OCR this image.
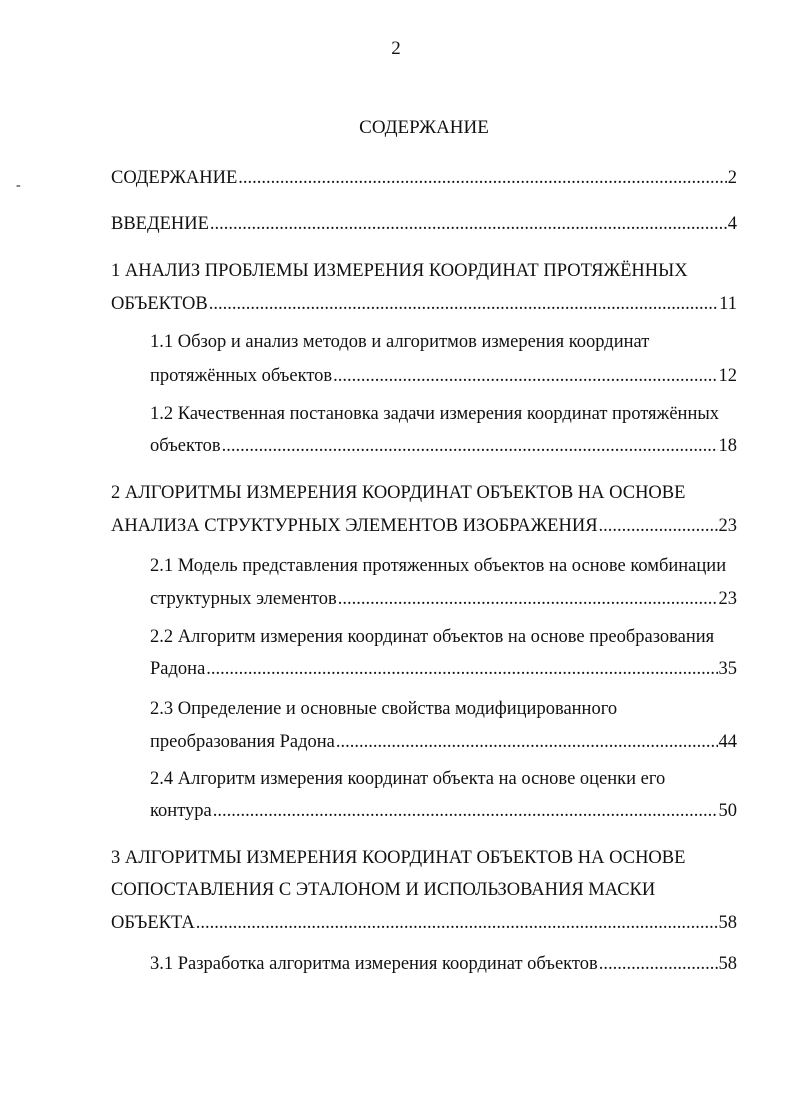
2
-
СОДЕРЖАНИЕ
СОДЕРЖАНИЕ .....	2
ВВЕДЕНИЕ .....	4
1 АНАЛИЗ ПРОБЛЕМЫ ИЗМЕРЕНИЯ КООРДИНАТ ПРОТЯЖЁННЫХ
ОБЪЕКТОВ .....	11
1.1 Обзор и анализ методов и алгоритмов измерения координат
протяжённых объектов .....	12
1.2 Качественная постановка задачи измерения координат протяжённых
объектов .....	18
2 АЛГОРИТМЫ ИЗМЕРЕНИЯ КООРДИНАТ ОБЪЕКТОВ НА ОСНОВЕ
АНАЛИЗА СТРУКТУРНЫХ ЭЛЕМЕНТОВ ИЗОБРАЖЕНИЯ .....	23
2.1 Модель представления протяженных объектов на основе комбинации
структурных элементов .....	23
2.2 Алгоритм измерения координат объектов на основе преобразования
Радона .....	35
2.3 Определение и основные свойства модифицированного
преобразования Радона .....	44
2.4 Алгоритм измерения координат объекта на основе оценки его
контура .....	50
3 АЛГОРИТМЫ ИЗМЕРЕНИЯ КООРДИНАТ ОБЪЕКТОВ НА ОСНОВЕ
СОПОСТАВЛЕНИЯ С ЭТАЛОНОМ И ИСПОЛЬЗОВАНИЯ МАСКИ
ОБЪЕКТА .....	58
3.1 Разработка алгоритма измерения координат объектов .....	58
